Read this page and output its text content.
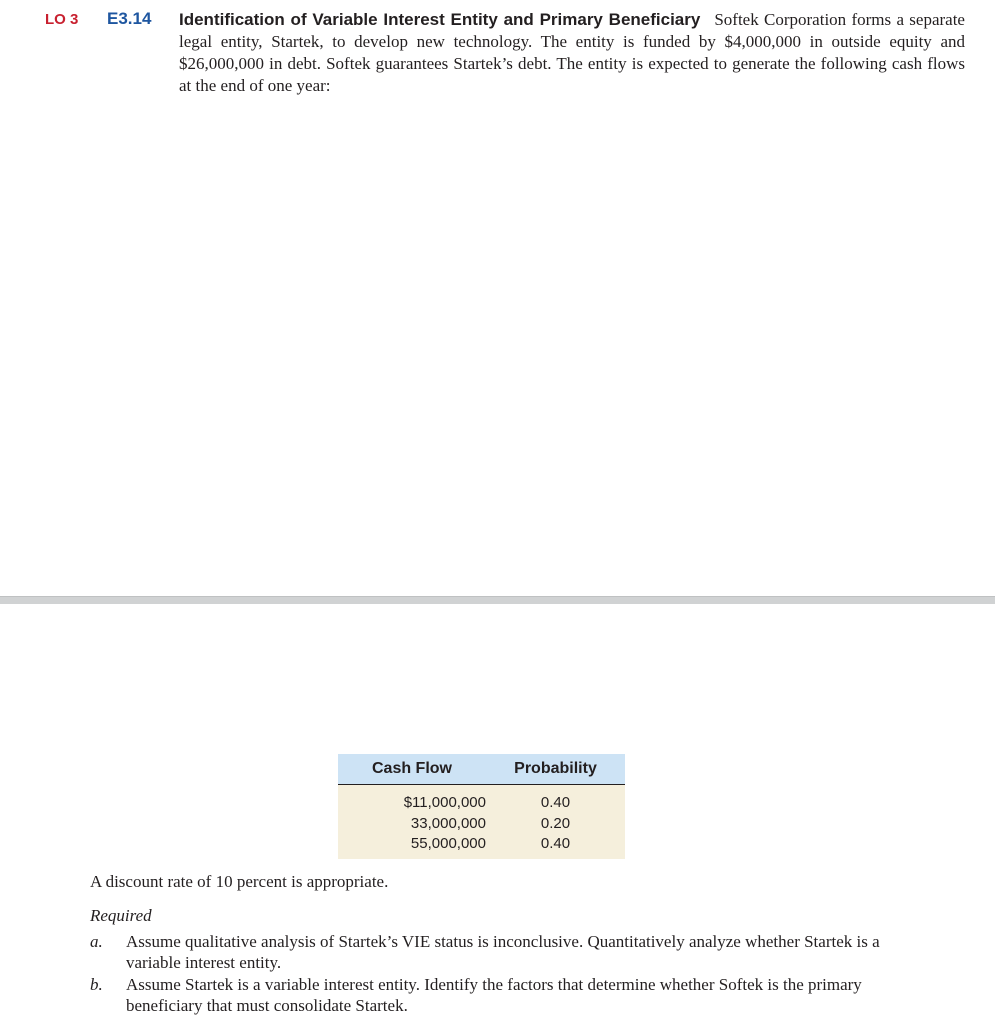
LO 3 E3.14 Identification of Variable Interest Entity and Primary Beneficiary Softek Corporation forms a separate legal entity, Startek, to develop new technology. The entity is funded by $4,000,000 in outside equity and $26,000,000 in debt. Softek guarantees Startek’s debt. The entity is expected to generate the following cash flows at the end of one year:
Cash Flow	Probability
$11,000,000	0.40
33,000,000	0.20
55,000,000	0.40
A discount rate of 10 percent is appropriate.
Required
a. Assume qualitative analysis of Startek’s VIE status is inconclusive. Quantitatively analyze whether Startek is a variable interest entity.
b. Assume Startek is a variable interest entity. Identify the factors that determine whether Softek is the primary beneficiary that must consolidate Startek.
